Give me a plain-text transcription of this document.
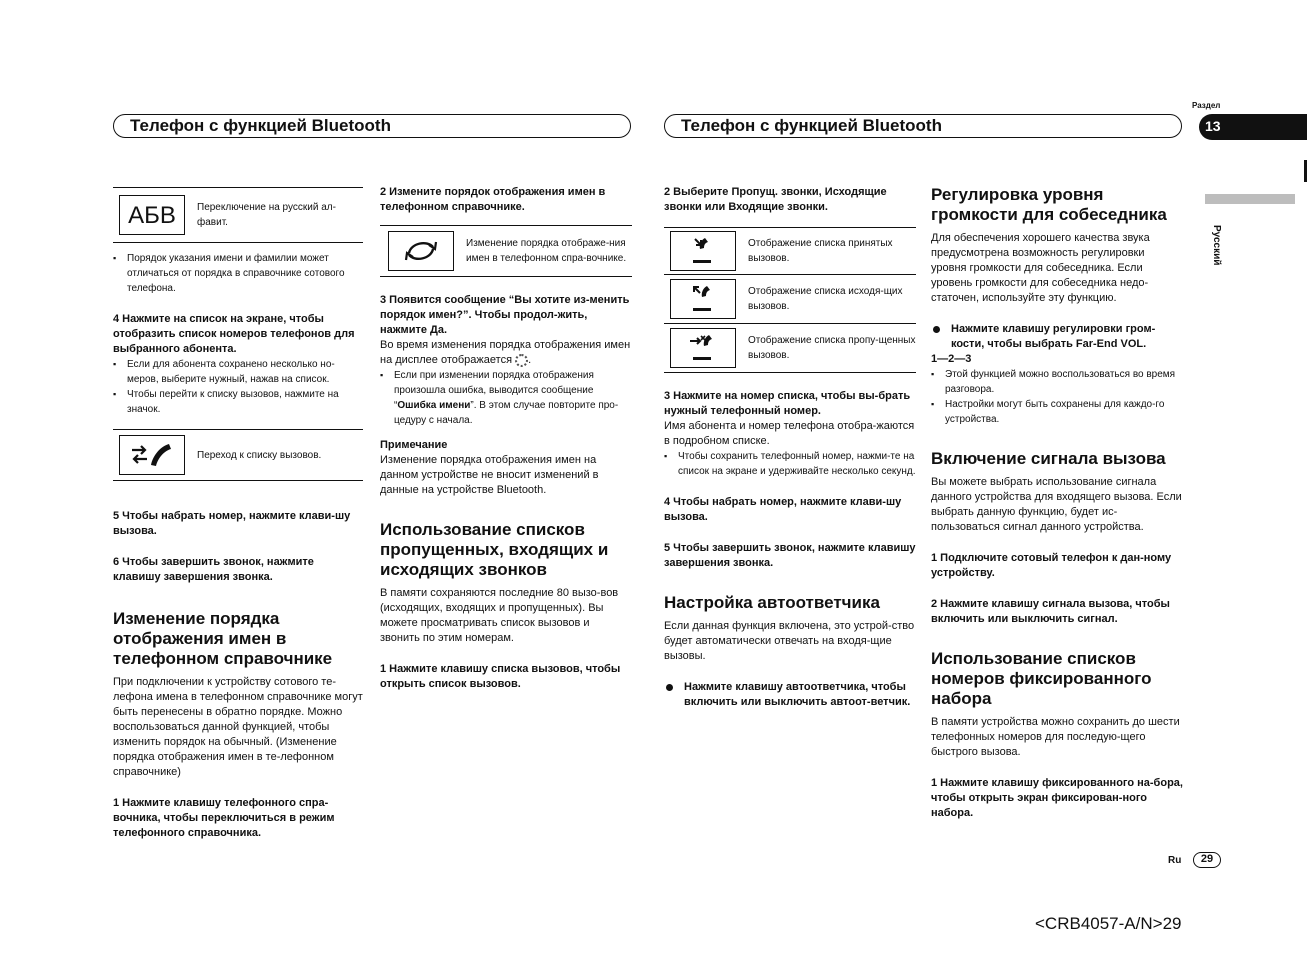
Телефон с функцией Bluetooth	Телефон с функцией Bluetooth
Раздел
13
Русский
АБВ	Переключение на русский ал-фавит.
▪ Порядок указания имени и фамилии может отличаться от порядка в справочнике сотового телефона.

4 Нажмите на список на экране, чтобы отобразить список номеров телефонов для выбранного абонента.

▪ Если для абонента сохранено несколько но-меров, выберите нужный, нажав на список.
▪ Чтобы перейти к списку вызовов, нажмите на значок.
Переход к списку вызовов.

5 Чтобы набрать номер, нажмите клави-шу вызова.

6 Чтобы завершить звонок, нажмите клавишу завершения звонка.

Изменение порядка отображения имен в телефонном справочнике

При подключении к устройству сотового те-лефона имена в телефонном справочнике могут быть перенесены в обратно порядке. Можно воспользоваться данной функцией, чтобы изменить порядок на обычный. (Изменение порядка отображения имен в те-лефонном справочнике)

1 Нажмите клавишу телефонного спра-вочника, чтобы переключиться в режим телефонного справочника.

2 Измените порядок отображения имен в телефонном справочнике.

Изменение порядка отображе-ния имен в телефонном спра-вочнике.

3 Появится сообщение “Вы хотите из-менить порядок имен?”. Чтобы продол-жить, нажмите Да.

Во время изменения порядка отображения имен на дисплее отображается .

▪ Если при изменении порядка отображения произошла ошибка, выводится сообщение “Ошибка имени”. В этом случае повторите про-цедуру с начала.

Примечание

Изменение порядка отображения имен на данном устройстве не вносит изменений в данные на устройстве Bluetooth.

Использование списков пропущенных, входящих и исходящих звонков

В памяти сохраняются последние 80 вызо-вов (исходящих, входящих и пропущенных). Вы можете просматривать список вызовов и звонить по этим номерам.

1 Нажмите клавишу списка вызовов, чтобы открыть список вызовов.

2 Выберите Пропущ. звонки, Исходящие звонки или Входящие звонки.

Отображение списка принятых вызовов.
Отображение списка исходя-щих вызовов.
Отображение списка пропу-щенных вызовов.

3 Нажмите на номер списка, чтобы вы-брать нужный телефонный номер.

Имя абонента и номер телефона отобра-жаются в подробном списке.

▪ Чтобы сохранить телефонный номер, нажми-те на список на экране и удерживайте несколько секунд.

4 Чтобы набрать номер, нажмите клави-шу вызова.

5 Чтобы завершить звонок, нажмите клавишу завершения звонка.

Настройка автоответчика

Если данная функция включена, это устрой-ство будет автоматически отвечать на входя-щие вызовы.

Нажмите клавишу автоответчика, чтобы включить или выключить автоот-ветчик.

Регулировка уровня громкости для собеседника

Для обеспечения хорошего качества звука предусмотрена возможность регулировки уровня громкости для собеседника. Если уровень громкости для собеседника недо-статочен, используйте эту функцию.

Нажмите клавишу регулировки гром-кости, чтобы выбрать Far-End VOL.

1—2—3

▪ Этой функцией можно воспользоваться во время разговора.
▪ Настройки могут быть сохранены для каждо-го устройства.

Включение сигнала вызова

Вы можете выбрать использование сигнала данного устройства для входящего вызова. Если выбрать данную функцию, будет ис-пользоваться сигнал данного устройства.

1 Подключите сотовый телефон к дан-ному устройству.

2 Нажмите клавишу сигнала вызова, чтобы включить или выключить сигнал.

Использование списков номеров фиксированного набора

В памяти устройства можно сохранить до шести телефонных номеров для последую-щего быстрого вызова.

1 Нажмите клавишу фиксированного на-бора, чтобы открыть экран фиксирован-ного набора.

Ru	29
<CRB4057-A/N>29
